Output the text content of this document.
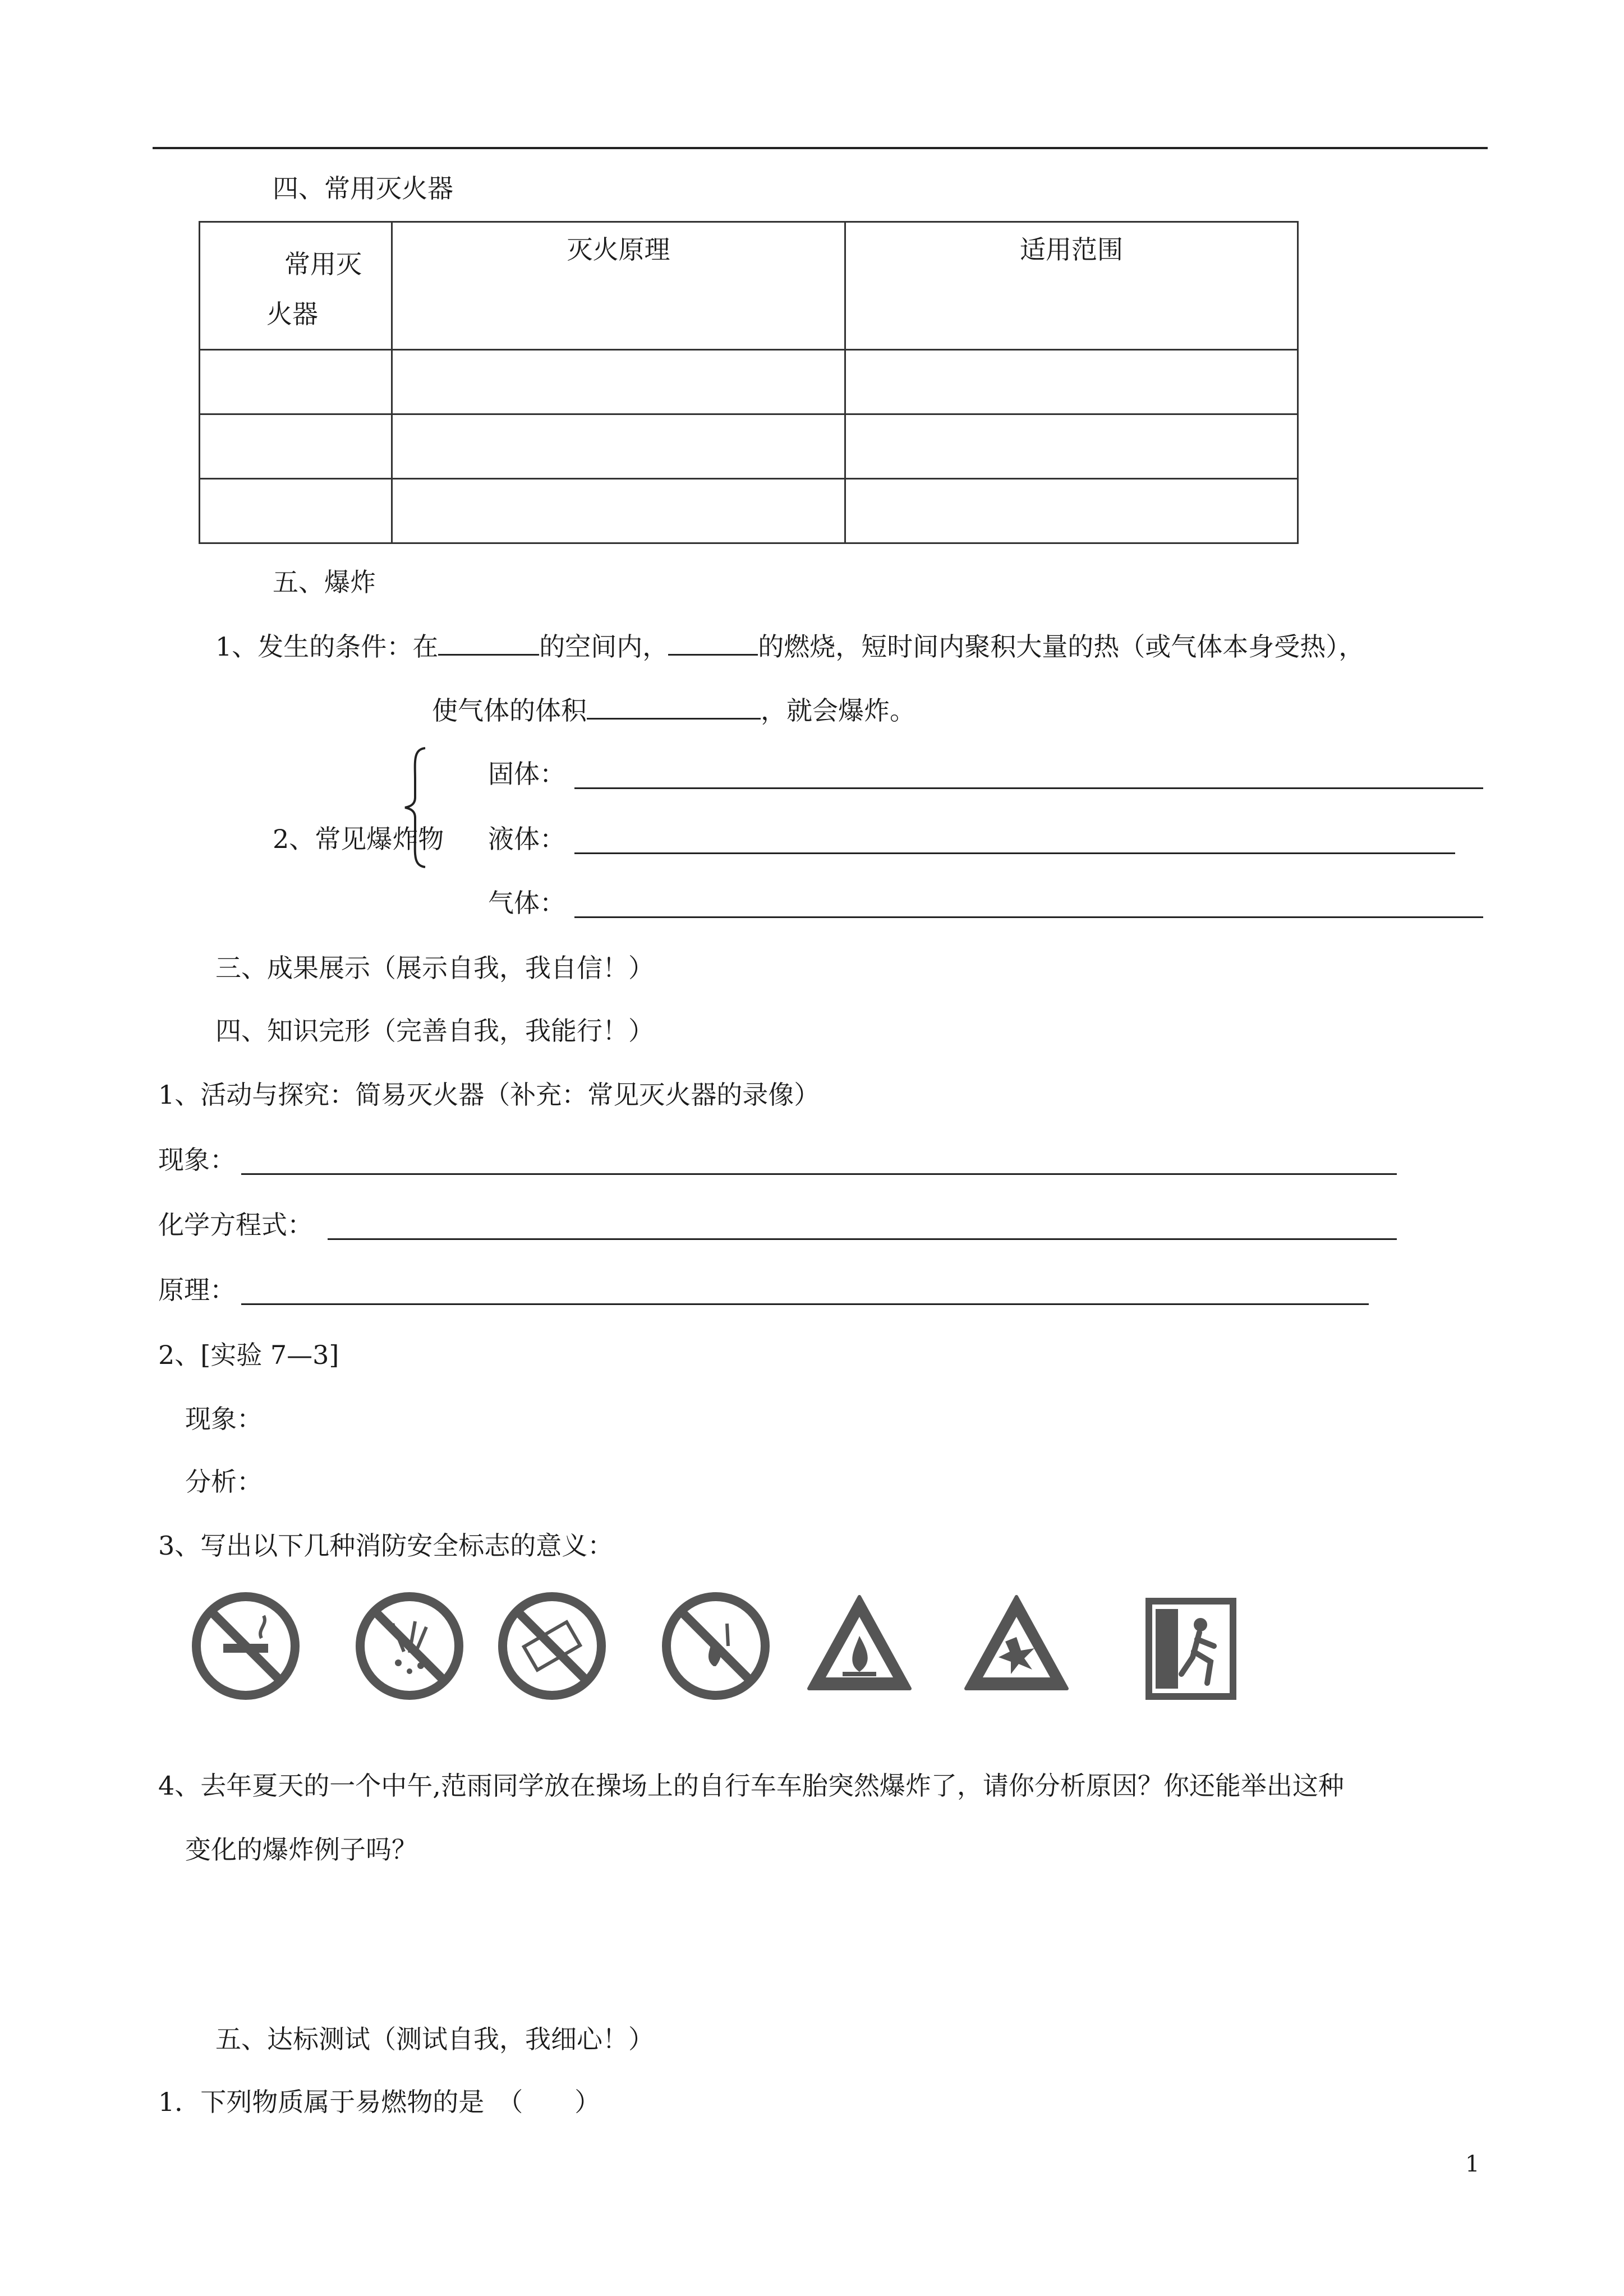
四、常用灭火器
常用灭
火器	灭火原理	适用范围

五、爆炸
1、发生的条件：在	的空间内，	的燃烧，短时间内聚积大量的热（或气体本身受热），
使气体的体积	，就会爆炸。
2、常见爆炸物
固体：
液体：
气体：
三、成果展示（展示自我，我自信！）
四、知识完形（完善自我，我能行！）
1、活动与探究：简易灭火器（补充：常见灭火器的录像）
现象：
化学方程式：
原理：
2、[实验 7—3]
现象：
分析：
3、写出以下几种消防安全标志的意义：
4、去年夏天的一个中午,范雨同学放在操场上的自行车车胎突然爆炸了，请你分析原因？你还能举出这种
变化的爆炸例子吗？
五、达标测试（测试自我，我细心！）
1．下列物质属于易燃物的是　（　　）
1
